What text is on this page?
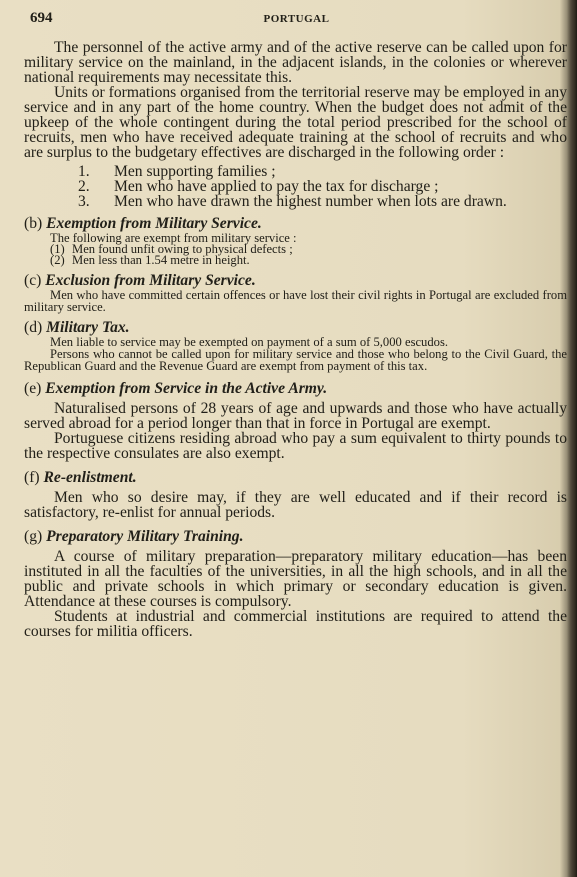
694	PORTUGAL

The personnel of the active army and of the active reserve can be called upon for military service on the mainland, in the adjacent islands, in the colonies or wherever national requirements may necessitate this.

Units or formations organised from the territorial reserve may be employed in any service and in any part of the home country. When the budget does not admit of the upkeep of the whole contingent during the total period prescribed for the school of recruits, men who have received adequate training at the school of recruits and who are surplus to the budgetary effectives are discharged in the following order :

1. Men supporting families ;
2. Men who have applied to pay the tax for discharge ;
3. Men who have drawn the highest number when lots are drawn.
(b) Exemption from Military Service.

The following are exempt from military service :

(1) Men found unfit owing to physical defects ;
(2) Men less than 1.54 metre in height.
(c) Exclusion from Military Service.

Men who have committed certain offences or have lost their civil rights in Portugal are excluded from military service.

(d) Military Tax.

Men liable to service may be exempted on payment of a sum of 5,000 escudos.

Persons who cannot be called upon for military service and those who belong to the Civil Guard, the Republican Guard and the Revenue Guard are exempt from payment of this tax.

(e) Exemption from Service in the Active Army.

Naturalised persons of 28 years of age and upwards and those who have actually served abroad for a period longer than that in force in Portugal are exempt.

Portuguese citizens residing abroad who pay a sum equivalent to thirty pounds to the respective consulates are also exempt.

(f) Re-enlistment.

Men who so desire may, if they are well educated and if their record is satisfactory, re-enlist for annual periods.

(g) Preparatory Military Training.

A course of military preparation—preparatory military education—has been instituted in all the faculties of the universities, in all the high schools, and in all the public and private schools in which primary or secondary education is given. Attendance at these courses is compulsory.

Students at industrial and commercial institutions are required to attend the courses for militia officers.
